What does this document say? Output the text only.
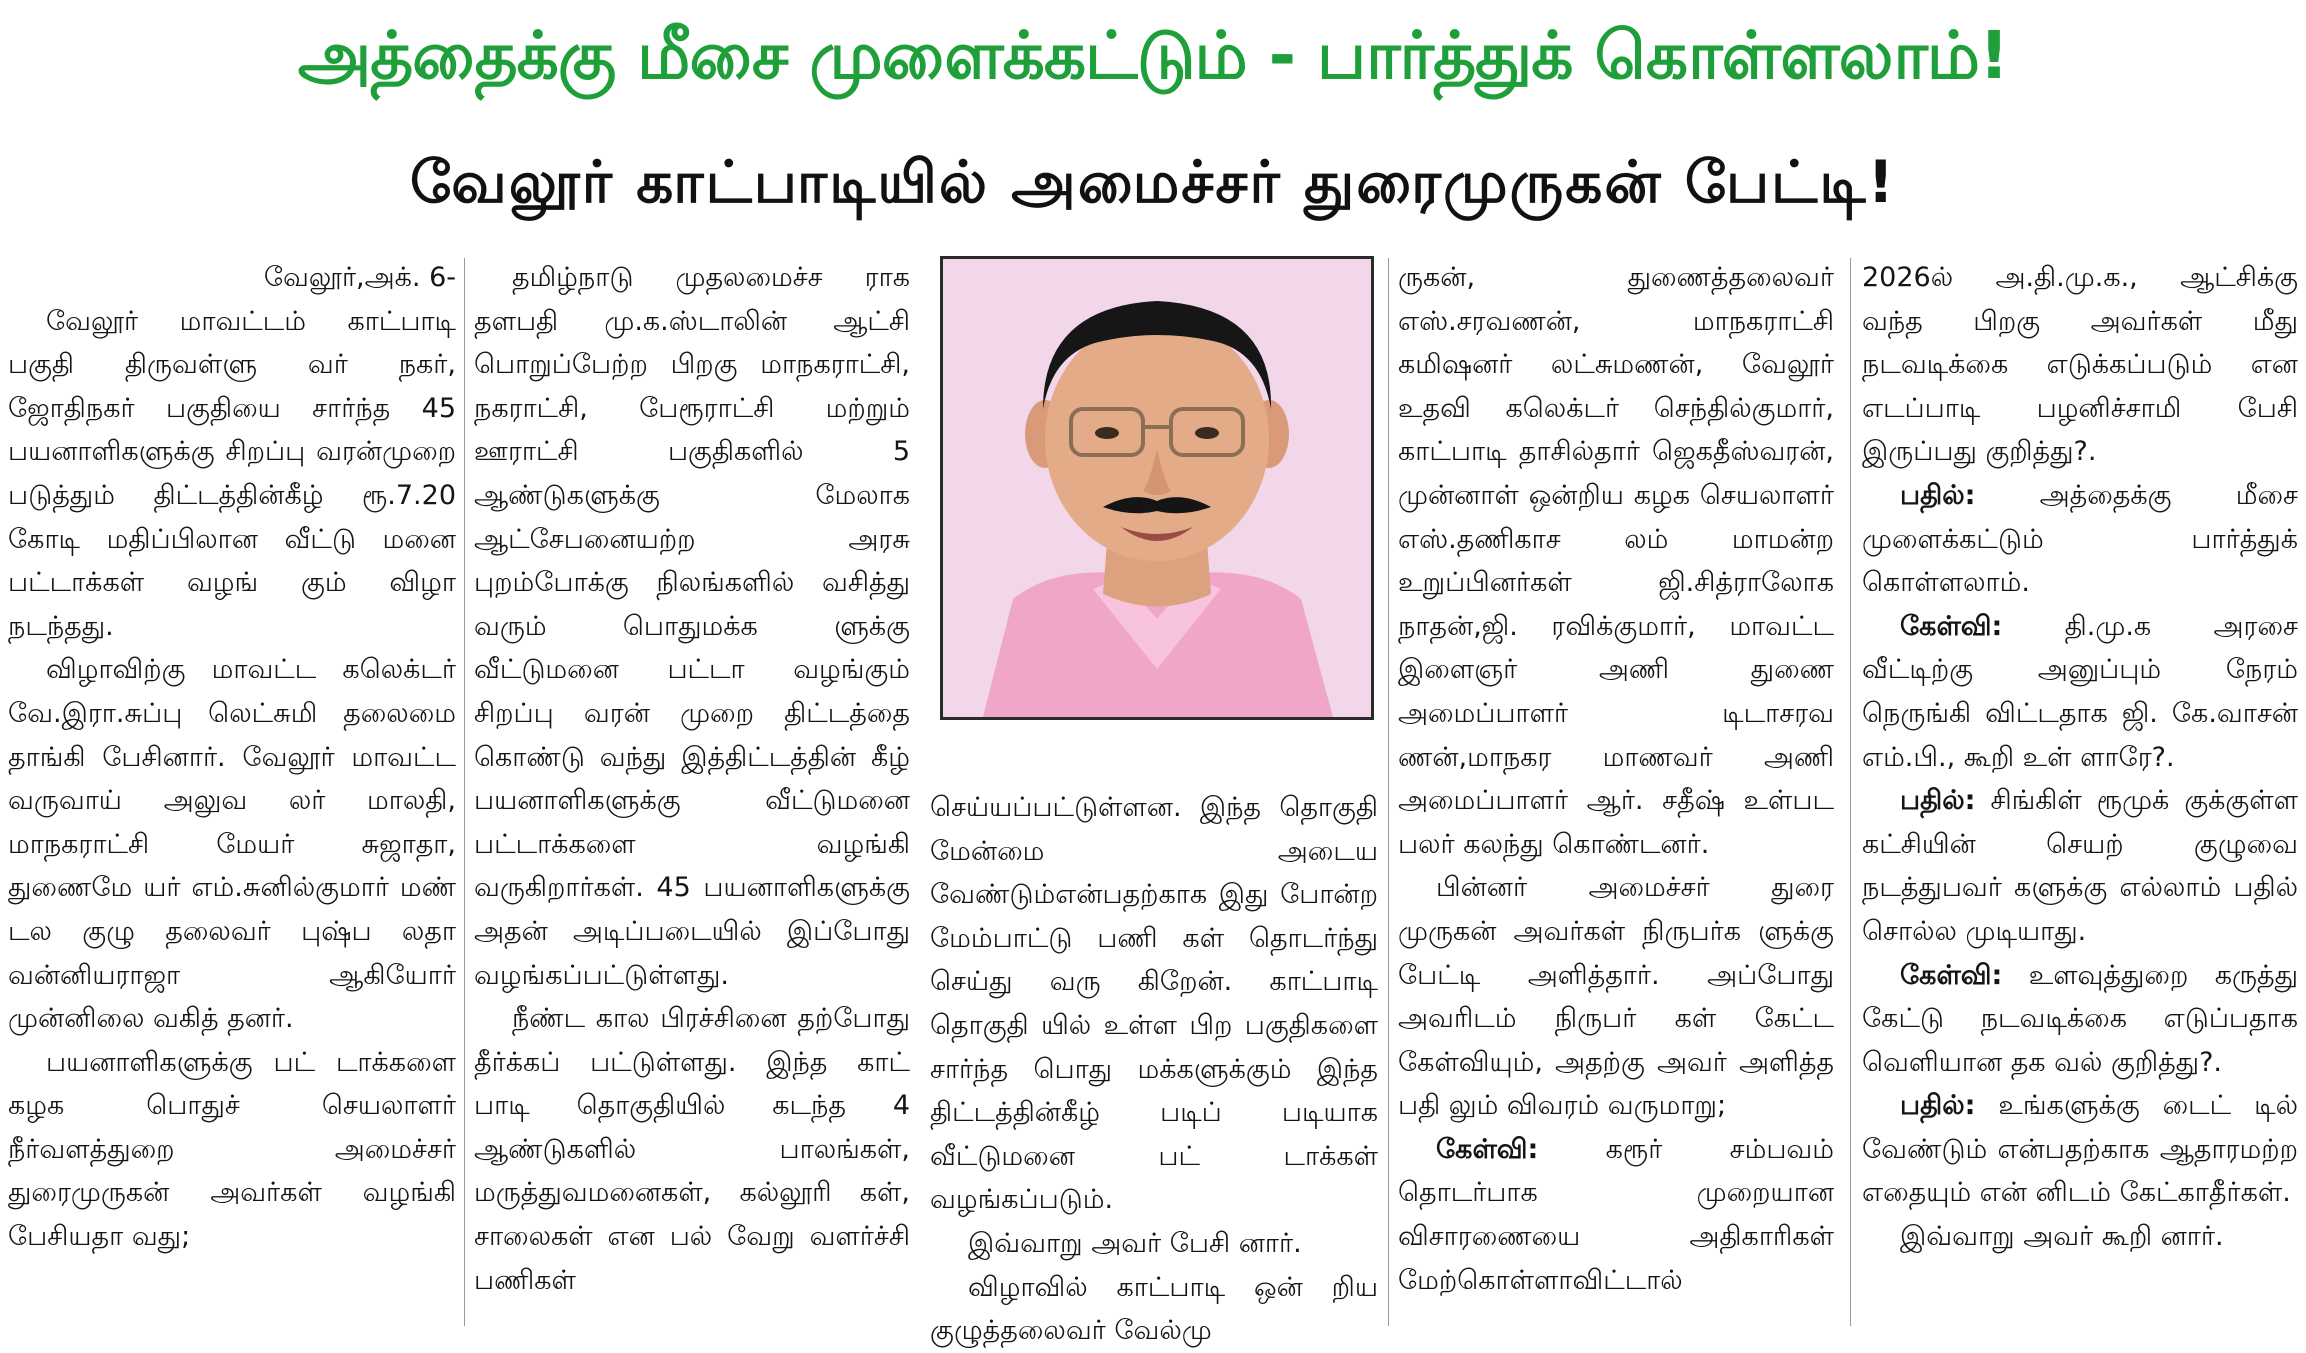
அத்தைக்கு மீசை முளைக்கட்டும் - பார்த்துக் கொள்ளலாம்!
வேலூர் காட்பாடியில் அமைச்சர் துரைமுருகன் பேட்டி!

வேலூர்,அக். 6-

வேலூர் மாவட்டம் காட்பாடி பகுதி திருவள்ளு வர் நகர், ஜோதிநகர் பகுதியை சார்ந்த 45 பயனாளிகளுக்கு சிறப்பு வரன்முறை படுத்தும் திட்டத்தின்கீழ் ரூ.7.20 கோடி மதிப்பிலான வீட்டு மனை பட்டாக்கள் வழங் கும் விழா நடந்தது.

விழாவிற்கு மாவட்ட கலெக்டர் வே.இரா.சுப்பு லெட்சுமி தலைமை தாங்கி பேசினார். வேலூர் மாவட்ட வருவாய் அலுவ லர் மாலதி, மாநகராட்சி மேயர் சுஜாதா, துணைமே யர் எம்.சுனில்குமார் மண் டல குழு தலைவர் புஷ்ப லதா வன்னியராஜா ஆகியோர் முன்னிலை வகித் தனர்.

பயனாளிகளுக்கு பட் டாக்களை கழக பொதுச் செயலாளர் நீர்வளத்துறை அமைச்சர் துரைமுருகன் அவர்கள் வழங்கி பேசியதா வது;

தமிழ்நாடு முதலமைச்ச ராக தளபதி மு.க.ஸ்டாலின் ஆட்சி பொறுப்பேற்ற பிறகு மாநகராட்சி, நகராட்சி, பேரூராட்சி மற்றும் ஊராட்சி பகுதிகளில் 5 ஆண்டுகளுக்கு மேலாக ஆட்சேபனையற்ற அரசு புறம்போக்கு நிலங்களில் வசித்து வரும் பொதுமக்க ளுக்கு வீட்டுமனை பட்டா வழங்கும் சிறப்பு வரன் முறை திட்டத்தை கொண்டு வந்து இத்திட்டத்தின் கீழ் பயனாளிகளுக்கு வீட்டுமனை பட்டாக்களை வழங்கி வருகிறார்கள். 45 பயனாளிகளுக்கு அதன் அடிப்படையில் இப்போது வழங்கப்பட்டுள்ளது.

நீண்ட கால பிரச்சினை தற்போது தீர்க்கப் பட்டுள்ளது. இந்த காட் பாடி தொகுதியில் கடந்த 4 ஆண்டுகளில் பாலங்கள், மருத்துவமனைகள், கல்லூரி கள், சாலைகள் என பல் வேறு வளர்ச்சி பணிகள்

செய்யப்பட்டுள்ளன. இந்த தொகுதி மேன்மை அடைய வேண்டும்என்பதற்காக இது போன்ற மேம்பாட்டு பணி கள் தொடர்ந்து செய்து வரு கிறேன். காட்பாடி தொகுதி யில் உள்ள பிற பகுதிகளை சார்ந்த பொது மக்களுக்கும் இந்த திட்டத்தின்கீழ் படிப் படியாக வீட்டுமனை பட் டாக்கள் வழங்கப்படும்.

இவ்வாறு அவர் பேசி னார்.

விழாவில் காட்பாடி ஒன் றிய குழுத்தலைவர் வேல்மு

ருகன், துணைத்தலைவர் எஸ்.சரவணன், மாநகராட்சி கமிஷனர் லட்சுமணன், வேலூர் உதவி கலெக்டர் செந்தில்குமார், காட்பாடி தாசில்தார் ஜெகதீஸ்வரன், முன்னாள் ஒன்றிய கழக செயலாளர் எஸ்.தணிகாச லம் மாமன்ற உறுப்பினர்கள் ஜி.சித்ராலோக நாதன்,ஜி. ரவிக்குமார், மாவட்ட இளைஞர் அணி துணை அமைப்பாளர் டிடாசரவ ணன்,மாநகர மாணவர் அணி அமைப்பாளர் ஆர். சதீஷ் உள்பட பலர் கலந்து கொண்டனர்.

பின்னர் அமைச்சர் துரை முருகன் அவர்கள் நிருபர்க ளுக்கு பேட்டி அளித்தார். அப்போது அவரிடம் நிருபர் கள் கேட்ட கேள்வியும், அதற்கு அவர் அளித்த பதி லும் விவரம் வருமாறு;

கேள்வி: கரூர் சம்பவம் தொடர்பாக முறையான விசாரணையை அதிகாரிகள் மேற்கொள்ளாவிட்டால்

2026ல் அ.தி.மு.க., ஆட்சிக்கு வந்த பிறகு அவர்கள் மீது நடவடிக்கை எடுக்கப்படும் என எடப்பாடி பழனிச்சாமி பேசி இருப்பது குறித்து?.

பதில்: அத்தைக்கு மீசை முளைக்கட்டும் பார்த்துக் கொள்ளலாம்.

கேள்வி: தி.மு.க அரசை வீட்டிற்கு அனுப்பும் நேரம் நெருங்கி விட்டதாக ஜி. கே.வாசன் எம்.பி., கூறி உள் ளாரே?.

பதில்: சிங்கிள் ரூமுக் குக்குள்ள கட்சியின் செயற் குழுவை நடத்துபவர் களுக்கு எல்லாம் பதில் சொல்ல முடியாது.

கேள்வி: உளவுத்துறை கருத்து கேட்டு நடவடிக்கை எடுப்பதாக வெளியான தக வல் குறித்து?.

பதில்: உங்களுக்கு டைட் டில் வேண்டும் என்பதற்காக ஆதாரமற்ற எதையும் என் னிடம் கேட்காதீர்கள்.

இவ்வாறு அவர் கூறி னார்.
